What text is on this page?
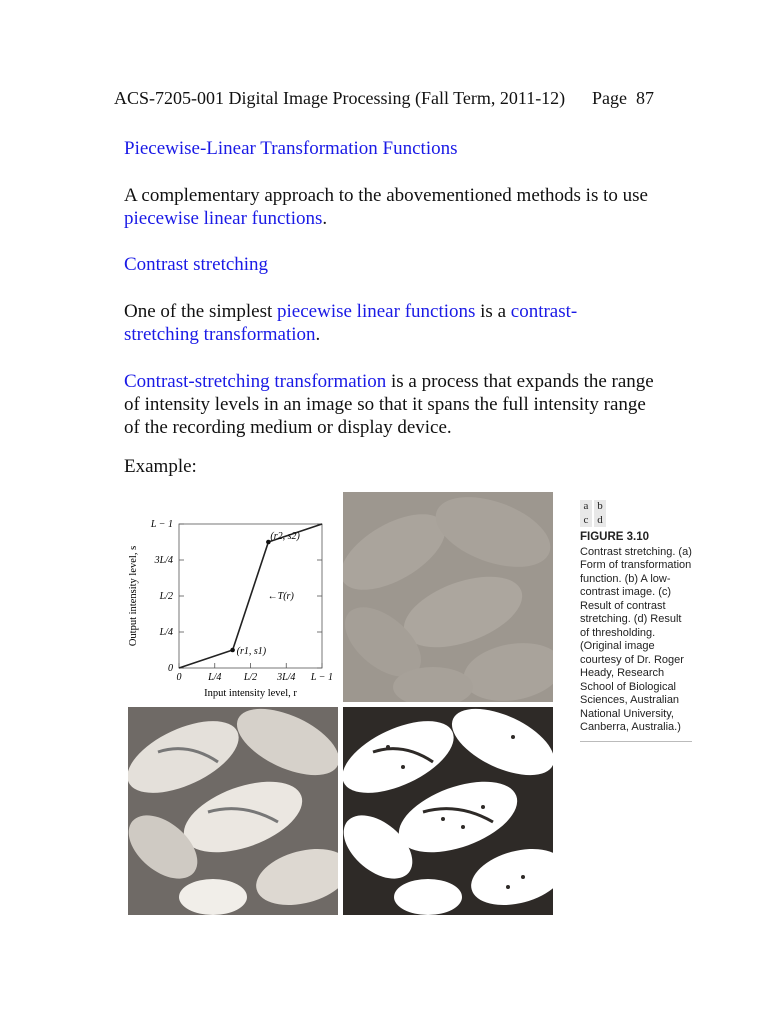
ACS-7205-001 Digital Image Processing (Fall Term, 2011-12) Page 87
Piecewise-Linear Transformation Functions
A complementary approach to the abovementioned methods is to use piecewise linear functions.
Contrast stretching
One of the simplest piecewise linear functions is a contrast-stretching transformation.
Contrast-stretching transformation is a process that expands the range of intensity levels in an image so that it spans the full intensity range of the recording medium or display device.
Example:
0
0
L/4
L/4
L/2
L/2
3L/4
3L/4
L − 1
L − 1
(r1, s1)
(r2, s2)
←T(r)
Input intensity level, r
Output intensity level, s
a b
c d
FIGURE 3.10
Contrast stretching. (a) Form of transformation function. (b) A low-contrast image. (c) Result of contrast stretching. (d) Result of thresholding. (Original image courtesy of Dr. Roger Heady, Research School of Biological Sciences, Australian National University, Canberra, Australia.)
